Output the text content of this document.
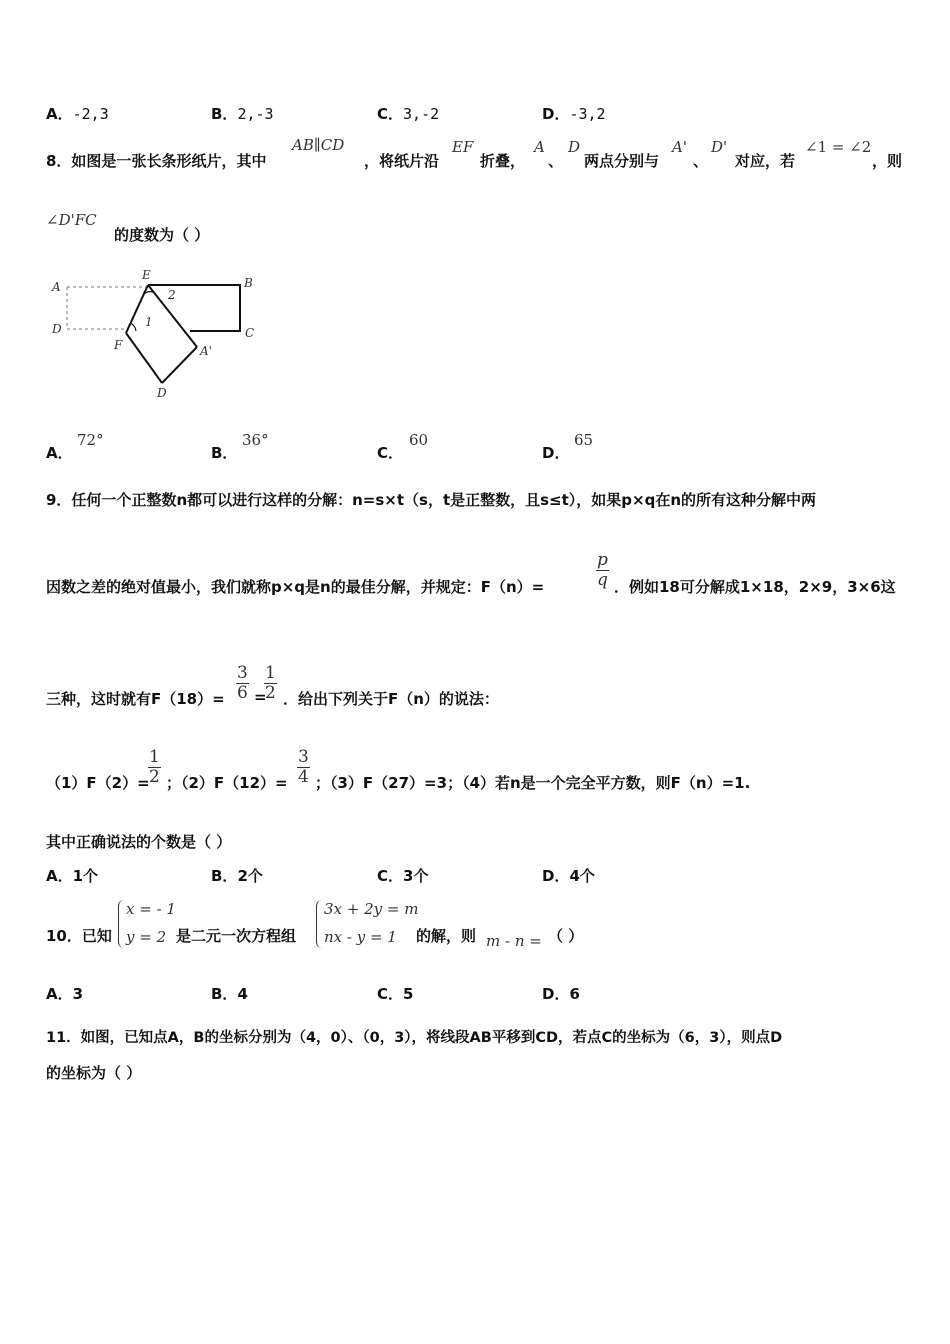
A．-2,3	B．2,-3	C．3,-2	D．-3,2
8．如图是一张长条形纸片，其中
AB∥CD
，将纸片沿
EF
折叠，
A
、
D
两点分别与
A'
、
D'
对应，若
∠1 = ∠2
，则
∠D'FC
的度数为（ ）
A
D
E
B
C
F	A'
D
1
2
A．
72°
B．
36°
C．
60
D．
65
9．任何一个正整数n都可以进行这样的分解：n=s×t（s，t是正整数，且s≤t），如果p×q在n的所有这种分解中两
因数之差的绝对值最小，我们就称p×q是n的最佳分解，并规定：F（n）=
p
q ．例如18可分解成1×18，2×9，3×6这
三种，这时就有F（18）=
3
6 =
1
2 ．给出下列关于F（n）的说法：
（1）F（2）=
1
2 ；（2）F（12）=
3
4 ；（3）F（27）=3；（4）若n是一个完全平方数，则F（n）=1.
其中正确说法的个数是（ ）
A．1个	B．2个	C．3个	D．4个
10．已知
x = - 1
y = 2 是二元一次方程组
3x + 2y = m
nx - y = 1 的解，则 m - n = （ ）
A．3	B．4	C．5	D．6
11．如图，已知点A，B的坐标分别为（4，0）、（0，3），将线段AB平移到CD，若点C的坐标为（6，3），则点D
的坐标为（ ）
